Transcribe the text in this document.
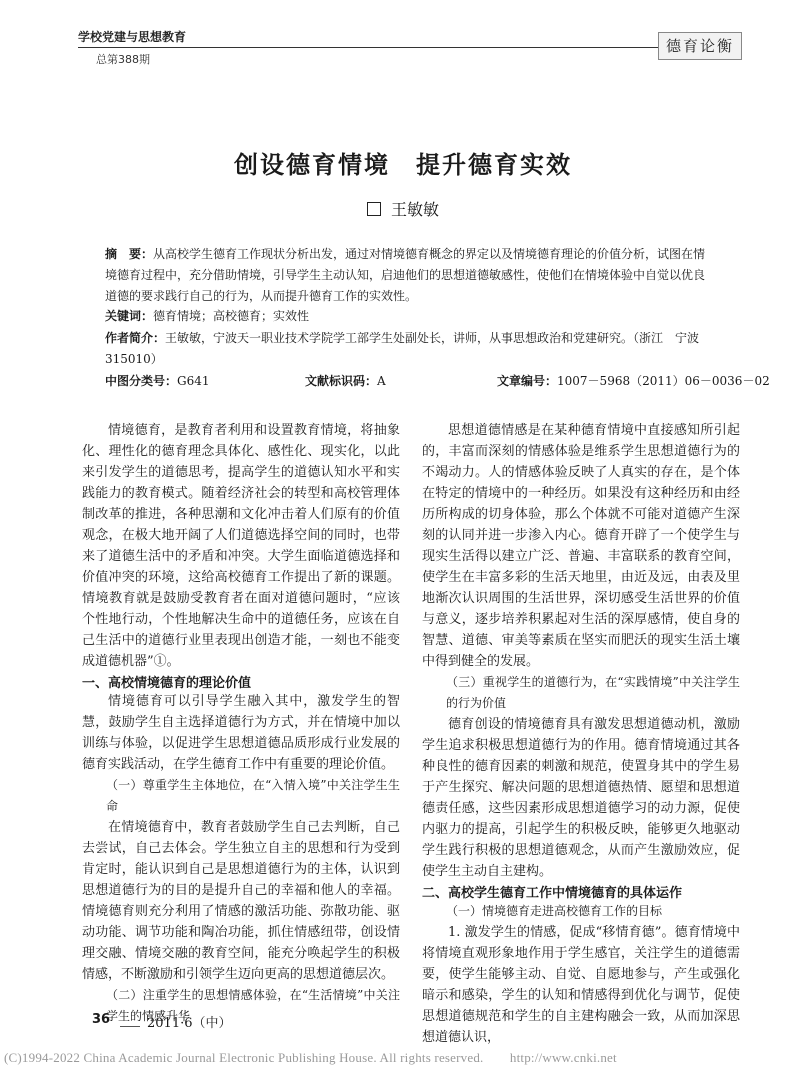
学校党建与思想教育
总第388期
德育论衡
创设德育情境　提升德育实效
王敏敏
摘　要：从高校学生德育工作现状分析出发，通过对情境德育概念的界定以及情境德育理论的价值分析，试图在情境德育过程中，充分借助情境，引导学生主动认知，启迪他们的思想道德敏感性，使他们在情境体验中自觉以优良道德的要求践行自己的行为，从而提升德育工作的实效性。
关键词：德育情境；高校德育；实效性
作者简介：王敏敏，宁波天一职业技术学院学工部学生处副处长，讲师，从事思想政治和党建研究。（浙江　宁波　315010）
中图分类号：G641	文献标识码：A	文章编号：1007－5968（2011）06－0036－02

情境德育，是教育者利用和设置教育情境，将抽象化、理性化的德育理念具体化、感性化、现实化，以此来引发学生的道德思考，提高学生的道德认知水平和实践能力的教育模式。随着经济社会的转型和高校管理体制改革的推进，各种思潮和文化冲击着人们原有的价值观念，在极大地开阔了人们道德选择空间的同时，也带来了道德生活中的矛盾和冲突。大学生面临道德选择和价值冲突的环境，这给高校德育工作提出了新的课题。情境教育就是鼓励受教育者在面对道德问题时，“应该个性地行动，个性地解决生命中的道德任务，应该在自己生活中的道德行业里表现出创造才能，一刻也不能变成道德机器”①。

一、高校情境德育的理论价值

情境德育可以引导学生融入其中，激发学生的智慧，鼓励学生自主选择道德行为方式，并在情境中加以训练与体验，以促进学生思想道德品质形成行业发展的德育实践活动，在学生德育工作中有重要的理论价值。

（一）尊重学生主体地位，在“入情入境”中关注学生生命

在情境德育中，教育者鼓励学生自己去判断，自己去尝试，自己去体会。学生独立自主的思想和行为受到肯定时，能认识到自己是思想道德行为的主体，认识到思想道德行为的目的是提升自己的幸福和他人的幸福。情境德育则充分利用了情感的激活功能、弥散功能、驱动功能、调节功能和陶冶功能，抓住情感纽带，创设情理交融、情境交融的教育空间，能充分唤起学生的积极情感，不断激励和引领学生迈向更高的思想道德层次。

（二）注重学生的思想情感体验，在“生活情境”中关注学生的情感升华

思想道德情感是在某种德育情境中直接感知所引起的，丰富而深刻的情感体验是维系学生思想道德行为的不竭动力。人的情感体验反映了人真实的存在，是个体在特定的情境中的一种经历。如果没有这种经历和由经历所构成的切身体验，那么个体就不可能对道德产生深刻的认同并进一步渗入内心。德育开辟了一个使学生与现实生活得以建立广泛、普遍、丰富联系的教育空间，使学生在丰富多彩的生活天地里，由近及远，由表及里地渐次认识周围的生活世界，深切感受生活世界的价值与意义，逐步培养积累起对生活的深厚感情，使自身的智慧、道德、审美等素质在坚实而肥沃的现实生活土壤中得到健全的发展。

（三）重视学生的道德行为，在“实践情境”中关注学生的行为价值

德育创设的情境德育具有激发思想道德动机，激励学生追求积极思想道德行为的作用。德育情境通过其各种良性的德育因素的刺激和规范，使置身其中的学生易于产生探究、解决问题的思想道德热情、愿望和思想道德责任感，这些因素形成思想道德学习的动力源，促使内驱力的提高，引起学生的积极反映，能够更久地驱动学生践行积极的思想道德观念，从而产生激励效应，促使学生主动自主建构。

二、高校学生德育工作中情境德育的具体运作

（一）情境德育走进高校德育工作的目标

1. 激发学生的情感，促成“移情育德”。德育情境中将情境直观形象地作用于学生感官，关注学生的道德需要，使学生能够主动、自觉、自愿地参与，产生或强化暗示和感染，学生的认知和情感得到优化与调节，促使思想道德规范和学生的自主建构融会一致，从而加深思想道德认识，

36	2011·6（中）
(C)1994-2022 China Academic Journal Electronic Publishing House. All rights reserved.　　http://www.cnki.net
